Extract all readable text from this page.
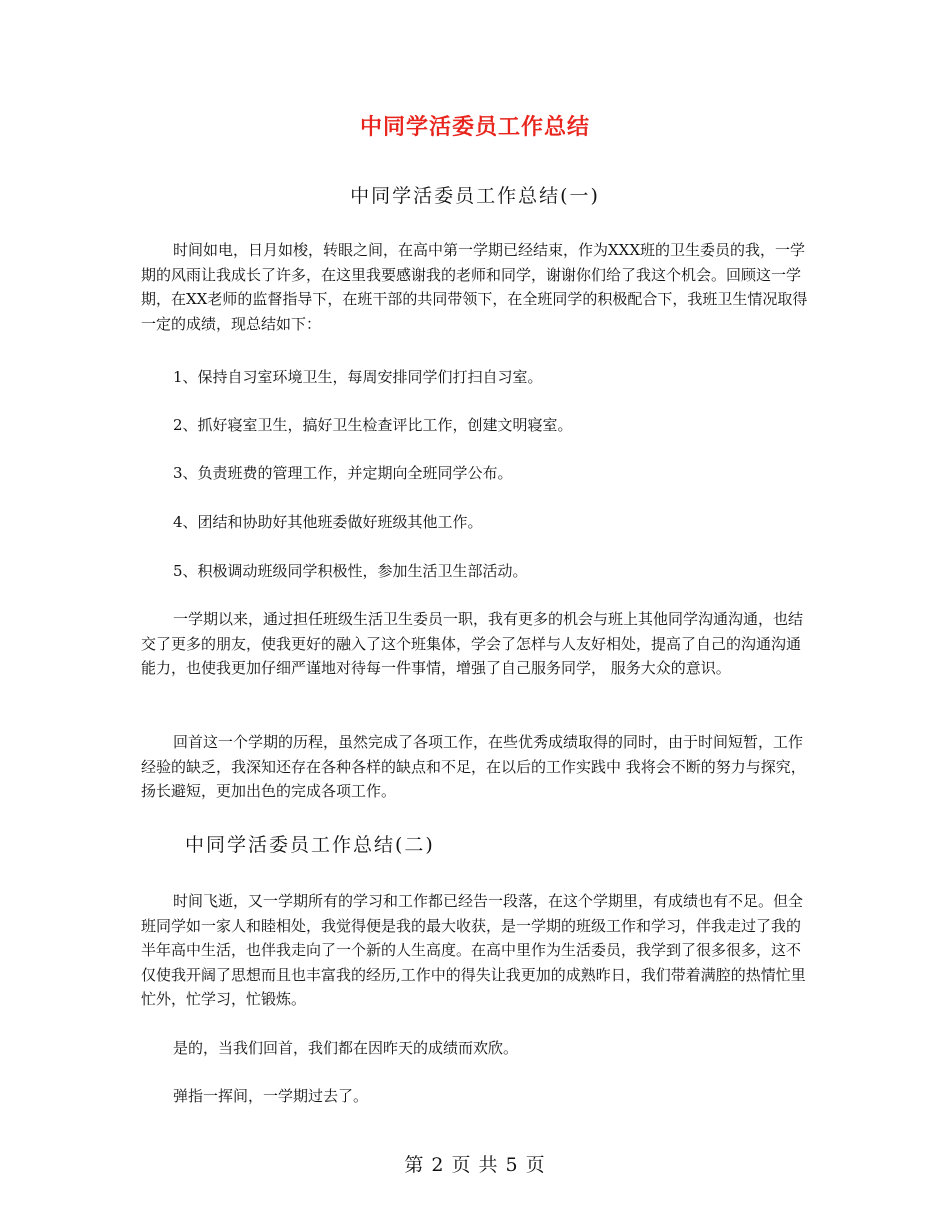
中同学活委员工作总结
中同学活委员工作总结(一)
时间如电，日月如梭，转眼之间，在高中第一学期已经结束，作为XXX班的卫生委员的我，一学期的风雨让我成长了许多，在这里我要感谢我的老师和同学，谢谢你们给了我这个机会。回顾这一学期，在XX老师的监督指导下，在班干部的共同带领下，在全班同学的积极配合下，我班卫生情况取得一定的成绩，现总结如下：
1、保持自习室环境卫生，每周安排同学们打扫自习室。
2、抓好寝室卫生，搞好卫生检查评比工作，创建文明寝室。
3、负责班费的管理工作，并定期向全班同学公布。
4、团结和协助好其他班委做好班级其他工作。
5、积极调动班级同学积极性，参加生活卫生部活动。
一学期以来，通过担任班级生活卫生委员一职，我有更多的机会与班上其他同学沟通沟通，也结交了更多的朋友，使我更好的融入了这个班集体，学会了怎样与人友好相处，提高了自己的沟通沟通能力，也使我更加仔细严谨地对待每一件事情，增强了自己服务同学， 服务大众的意识。
回首这一个学期的历程，虽然完成了各项工作，在些优秀成绩取得的同时，由于时间短暂，工作经验的缺乏，我深知还存在各种各样的缺点和不足，在以后的工作实践中 我将会不断的努力与探究，扬长避短，更加出色的完成各项工作。
中同学活委员工作总结(二)
时间飞逝，又一学期所有的学习和工作都已经告一段落，在这个学期里，有成绩也有不足。但全班同学如一家人和睦相处，我觉得便是我的最大收获，是一学期的班级工作和学习，伴我走过了我的半年高中生活，也伴我走向了一个新的人生高度。在高中里作为生活委员，我学到了很多很多，这不仅使我开阔了思想而且也丰富我的经历,工作中的得失让我更加的成熟昨日，我们带着满腔的热情忙里忙外，忙学习，忙锻炼。
是的，当我们回首，我们都在因昨天的成绩而欢欣。
弹指一挥间，一学期过去了。
第 2 页 共 5 页
